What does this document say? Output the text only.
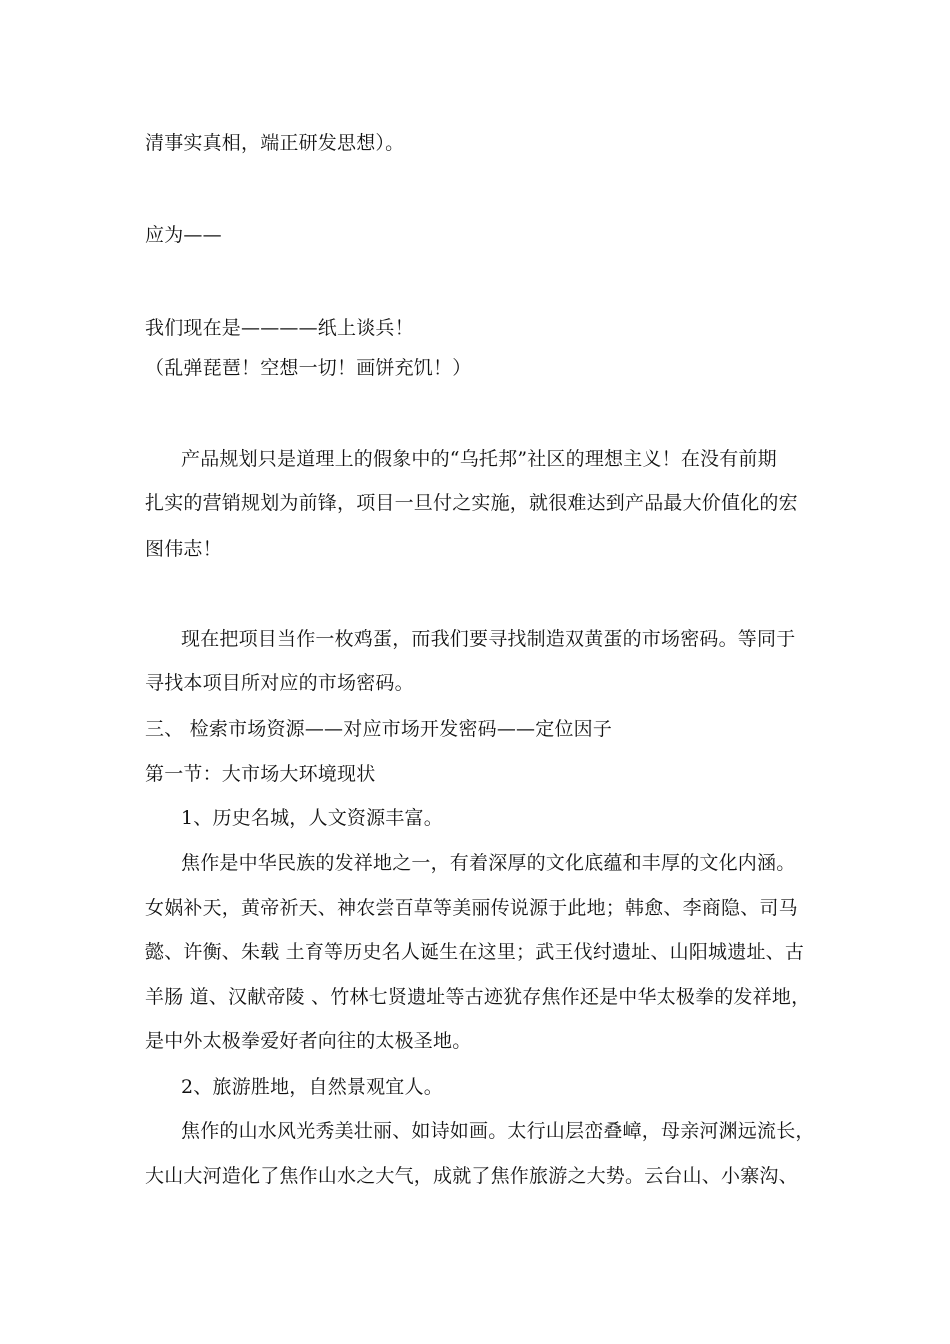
清事实真相，端正研发思想）。
应为——
我们现在是————纸上谈兵！
（乱弹琵琶！空想一切！画饼充饥！）
产品规划只是道理上的假象中的“乌托邦”社区的理想主义！在没有前期
扎实的营销规划为前锋，项目一旦付之实施，就很难达到产品最大价值化的宏
图伟志！
现在把项目当作一枚鸡蛋，而我们要寻找制造双黄蛋的市场密码。等同于
寻找本项目所对应的市场密码。
三、 检索市场资源——对应市场开发密码——定位因子
第一节：大市场大环境现状
1、历史名城，人文资源丰富。
焦作是中华民族的发祥地之一，有着深厚的文化底蕴和丰厚的文化内涵。
女娲补天，黄帝祈天、神农尝百草等美丽传说源于此地；韩愈、李商隐、司马
懿、许衡、朱载 土育等历史名人诞生在这里；武王伐纣遗址、山阳城遗址、古
羊肠 道、汉献帝陵 、竹林七贤遗址等古迹犹存焦作还是中华太极拳的发祥地，
是中外太极拳爱好者向往的太极圣地。
2、旅游胜地，自然景观宜人。
焦作的山水风光秀美壮丽、如诗如画。太行山层峦叠嶂，母亲河渊远流长，
大山大河造化了焦作山水之大气，成就了焦作旅游之大势。云台山、小寨沟、
